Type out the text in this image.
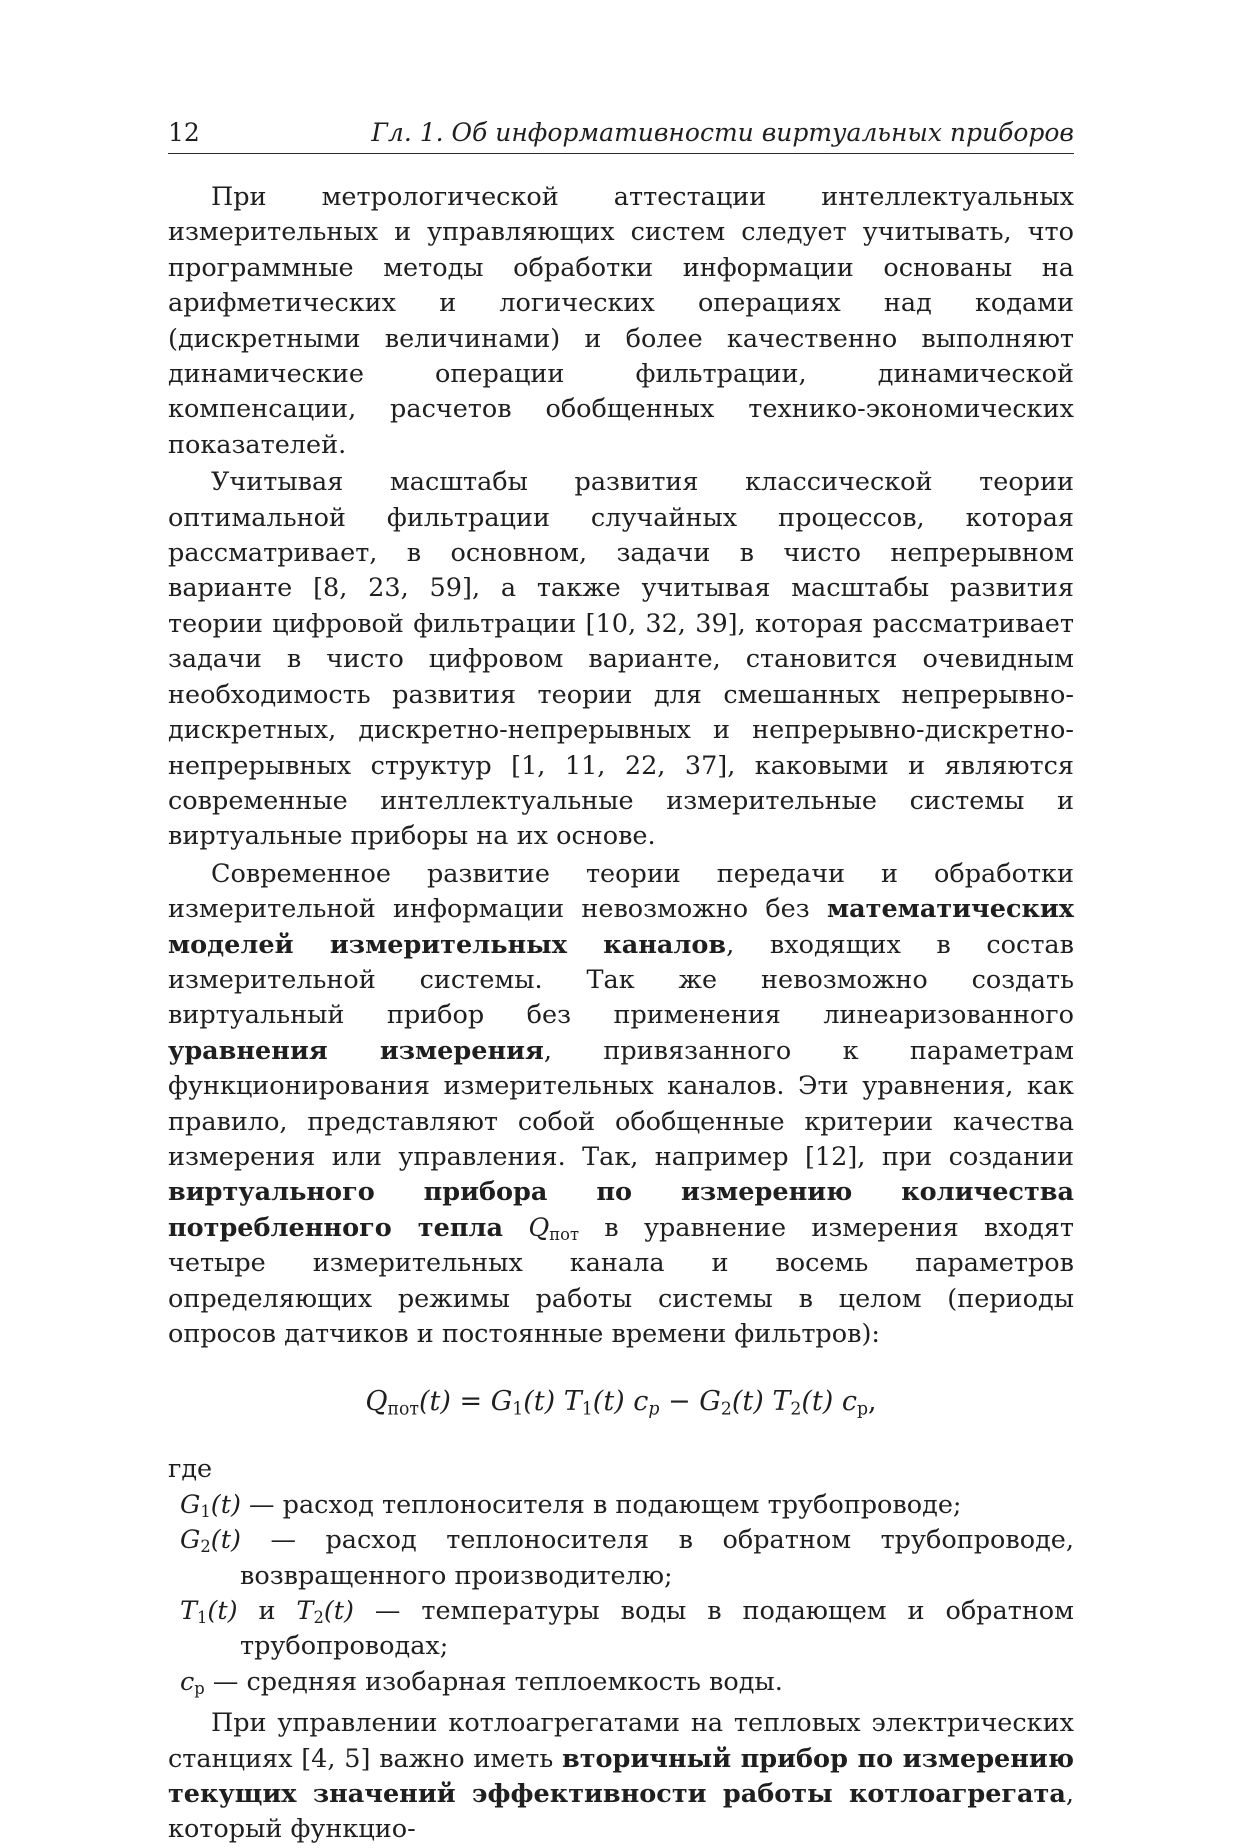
12	Гл. 1. Об информативности виртуальных приборов

При метрологической аттестации интеллектуальных измерительных и управляющих систем следует учитывать, что программные методы обработки информации основаны на арифметических и логических операциях над кодами (дискретными величинами) и более качественно выполняют динамические операции фильтрации, динамической компенсации, расчетов обобщенных технико-экономических показателей.

Учитывая масштабы развития классической теории оптимальной фильтрации случайных процессов, которая рассматривает, в основном, задачи в чисто непрерывном варианте [8, 23, 59], а также учитывая масштабы развития теории цифровой фильтрации [10, 32, 39], которая рассматривает задачи в чисто цифровом варианте, становится очевидным необходимость развития теории для смешанных непрерывно-дискретных, дискретно-непрерывных и непрерывно-дискретно-непрерывных структур [1, 11, 22, 37], каковыми и являются современные интеллектуальные измерительные системы и виртуальные приборы на их основе.

Современное развитие теории передачи и обработки измерительной информации невозможно без математических моделей измерительных каналов, входящих в состав измерительной системы. Так же невозможно создать виртуальный прибор без применения линеаризованного уравнения измерения, привязанного к параметрам функционирования измерительных каналов. Эти уравнения, как правило, представляют собой обобщенные критерии качества измерения или управления. Так, например [12], при создании виртуального прибора по измерению количества потребленного тепла $Q_{пот}$ в уравнение измерения входят четыре измерительных канала и восемь параметров определяющих режимы работы системы в целом (периоды опросов датчиков и постоянные времени фильтров):

$Q_{пот}(t) = G_1(t)$ $T_1(t) c_p - G_2(t)$ $T_2(t)$ $c_р$,

где

$G_1(t)$ — расход теплоносителя в подающем трубопроводе;

$G_2(t)$ — расход теплоносителя в обратном трубопроводе, возвращенного производителю;

$T_1(t)$ и $T_2(t)$ — температуры воды в подающем и обратном трубопроводах;

$c_р$ — средняя изобарная теплоемкость воды.

При управлении котлоагрегатами на тепловых электрических станциях [4, 5] важно иметь вторичный прибор по измерению текущих значений эффективности работы котлоагрегата, который функцио-
